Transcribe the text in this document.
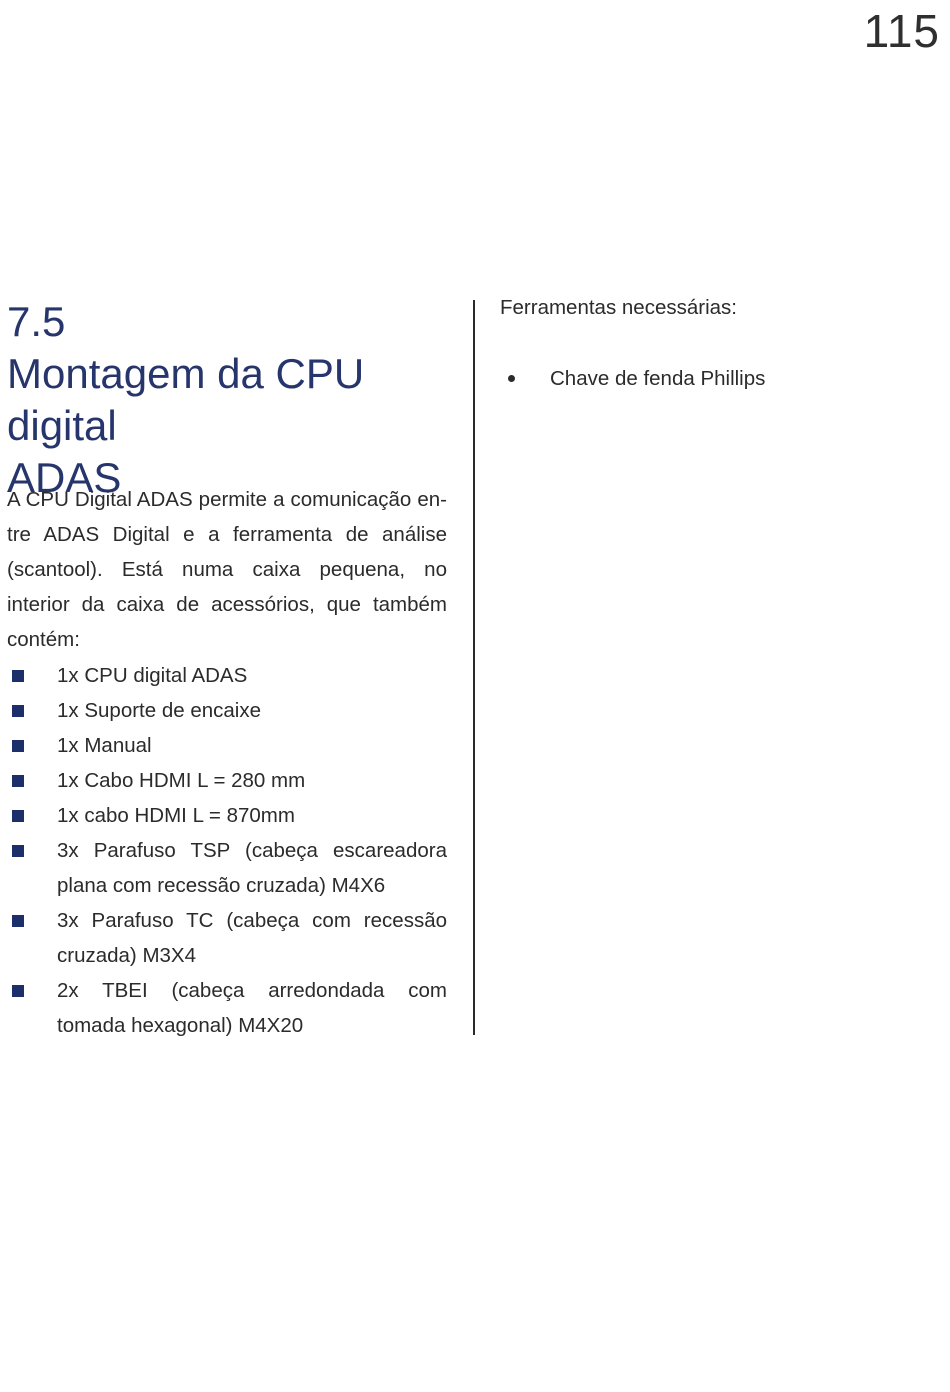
115
7.5
Montagem da CPU digital
ADAS

A CPU Digital ADAS permite a comunicação entre ADAS Digital e a ferramenta de análise (scantool). Está numa caixa pequena, no interior da caixa de acessórios, que também contém:

1x CPU digital ADAS
1x Suporte de encaixe
1x Manual
1x Cabo HDMI L = 280 mm
1x cabo HDMI L = 870mm
3x Parafuso TSP (cabeça escareadora plana com recessão cruzada) M4X6
3x Parafuso TC (cabeça com recessão cruzada) M3X4
2x TBEI (cabeça arredondada com tomada hexagonal) M4X20

Ferramentas necessárias:

Chave de fenda Phillips
